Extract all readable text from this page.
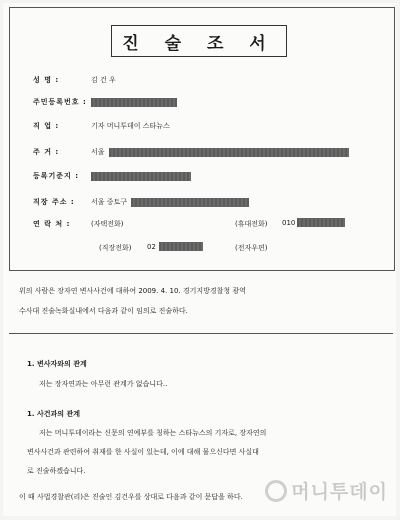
진 술 조 서
성 명 :	김 건 우
주민등록번호 :
직 업 :	기자 머니투데이 스타뉴스
주 거 :	서울
등록기준지 :
직장 주소 :	서울 중토구
연 락 처 :	(자택전화)	(휴대전화) 010
(직장전화) 02	(전자우편)
위의 사람은 장자연 변사사건에 대하여 2009. 4. 10. 경기지방경찰청 광역
수사대 진술녹화실내에서 다음과 같이 임의로 진술하다.
1. 변사자와의 관계
저는 장자연과는 아무런 관계가 없습니다..
1. 사건과의 관계
저는 머니투데이라는 신문의 연예부를 칭하는 스타뉴스의 기자로, 장자연의
변사사건과 관련하여 취재를 한 사실이 있는데, 이에 대해 물으신다면 사실대
로 진술하겠습니다.
이 때 사법경찰관(리)은 진술인 김건우를 상대로 다음과 같이 문답을 하다.	머니투데이
